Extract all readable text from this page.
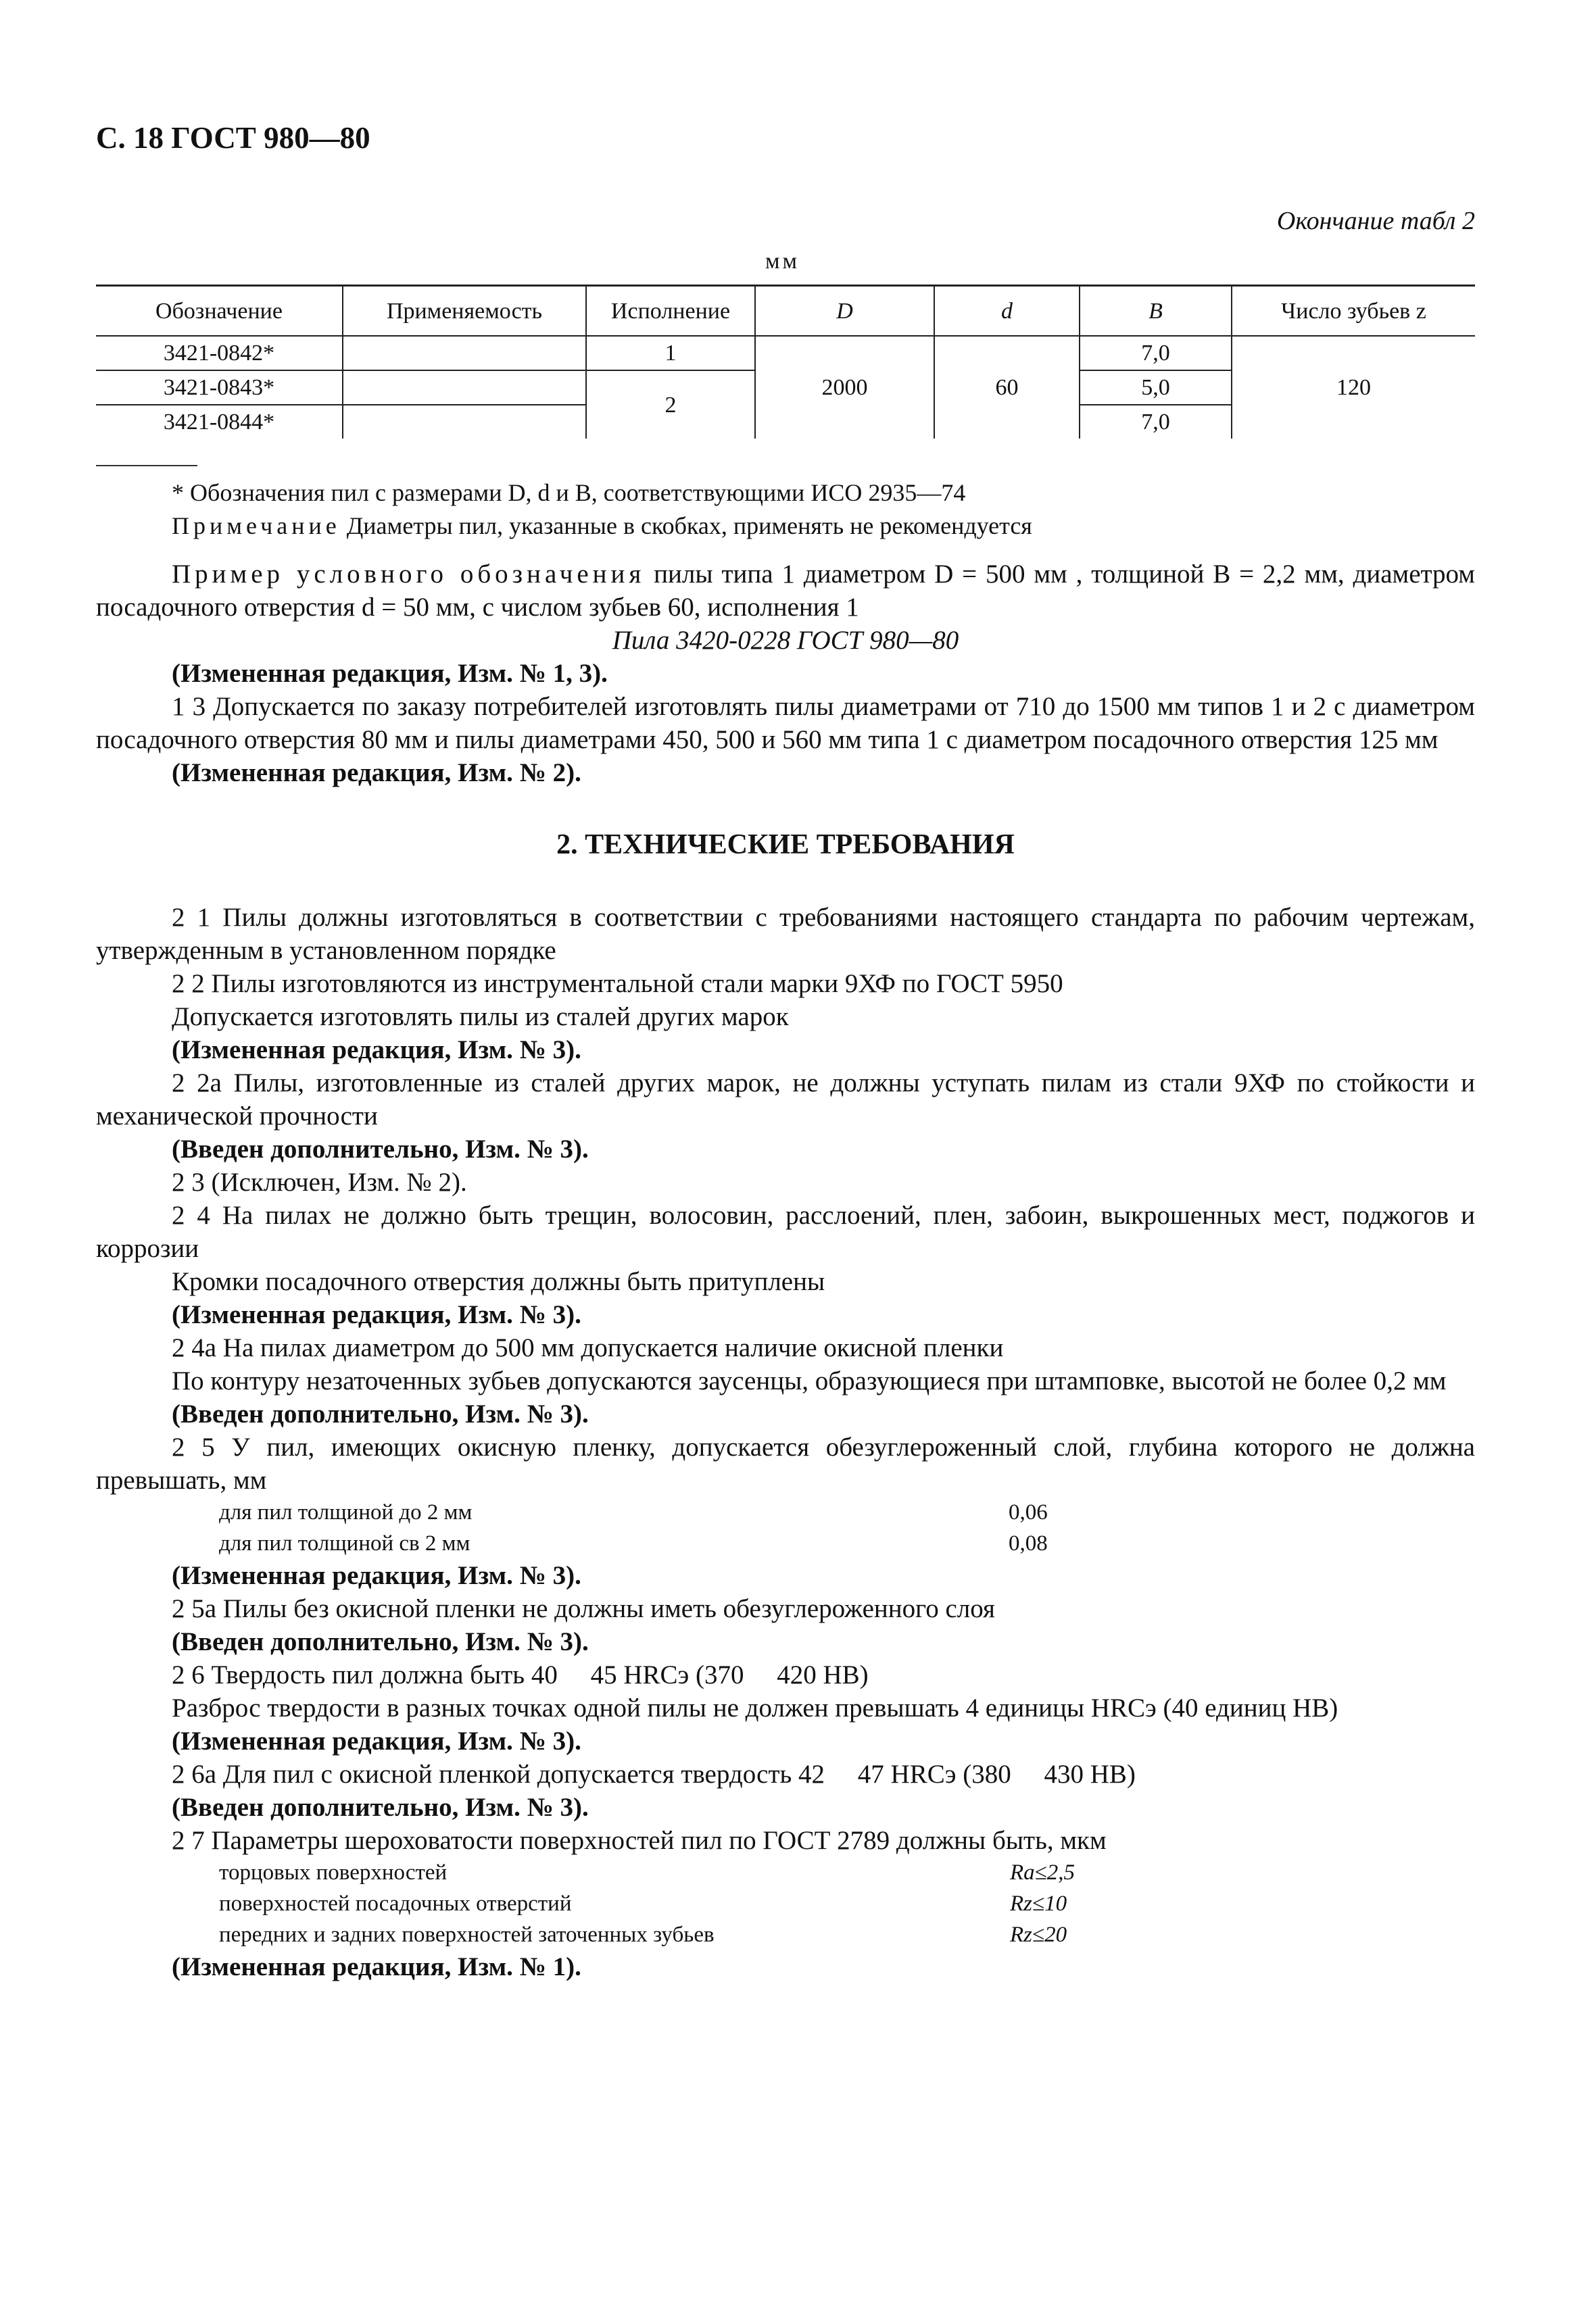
С. 18 ГОСТ 980—80
Окончание табл 2
мм
Обозначение	Применяемость	Исполнение	D	d	B	Число зубьев z
3421-0842*		1	2000	60	7,0	120
3421-0843*		2			5,0	
3421-0844*					7,0	

* Обозначения пил с размерами D, d и B, соответствующими ИСО 2935—74

Примечание Диаметры пил, указанные в скобках, применять не рекомендуется

Пример условного обозначения пилы типа 1 диаметром D = 500 мм , толщиной B = 2,2 мм, диаметром посадочного отверстия d = 50 мм, с числом зубьев 60, исполнения 1

Пила 3420-0228 ГОСТ 980—80

(Измененная редакция, Изм. № 1, 3).

1 3 Допускается по заказу потребителей изготовлять пилы диаметрами от 710 до 1500 мм типов 1 и 2 с диаметром посадочного отверстия 80 мм и пилы диаметрами 450, 500 и 560 мм типа 1 с диаметром посадочного отверстия 125 мм

(Измененная редакция, Изм. № 2).

2. ТЕХНИЧЕСКИЕ ТРЕБОВАНИЯ

2 1 Пилы должны изготовляться в соответствии с требованиями настоящего стандарта по рабочим чертежам, утвержденным в установленном порядке

2 2 Пилы изготовляются из инструментальной стали марки 9ХФ по ГОСТ 5950

Допускается изготовлять пилы из сталей других марок

(Измененная редакция, Изм. № 3).

2 2а Пилы, изготовленные из сталей других марок, не должны уступать пилам из стали 9ХФ по стойкости и механической прочности

(Введен дополнительно, Изм. № 3).

2 3 (Исключен, Изм. № 2).

2 4 На пилах не должно быть трещин, волосовин, расслоений, плен, забоин, выкрошенных мест, поджогов и коррозии

Кромки посадочного отверстия должны быть притуплены

(Измененная редакция, Изм. № 3).

2 4а На пилах диаметром до 500 мм допускается наличие окисной пленки

По контуру незаточенных зубьев допускаются заусенцы, образующиеся при штамповке, высотой не более 0,2 мм

(Введен дополнительно, Изм. № 3).

2 5 У пил, имеющих окисную пленку, допускается обезуглероженный слой, глубина которого не должна превышать, мм

для пил толщиной до 2 мм	0,06
для пил толщиной св 2 мм	0,08

(Измененная редакция, Изм. № 3).

2 5а Пилы без окисной пленки не должны иметь обезуглероженного слоя

(Введен дополнительно, Изм. № 3).

2 6 Твердость пил должна быть 40     45 HRCэ (370     420 HB)

Разброс твердости в разных точках одной пилы не должен превышать 4 единицы HRCэ (40 единиц HB)

(Измененная редакция, Изм. № 3).

2 6а Для пил с окисной пленкой допускается твердость 42     47 HRCэ (380     430 HB)

(Введен дополнительно, Изм. № 3).

2 7 Параметры шероховатости поверхностей пил по ГОСТ 2789 должны быть, мкм

торцовых поверхностей	Ra≤2,5
поверхностей посадочных отверстий	Rz≤10
передних и задних поверхностей заточенных зубьев	Rz≤20

(Измененная редакция, Изм. № 1).
